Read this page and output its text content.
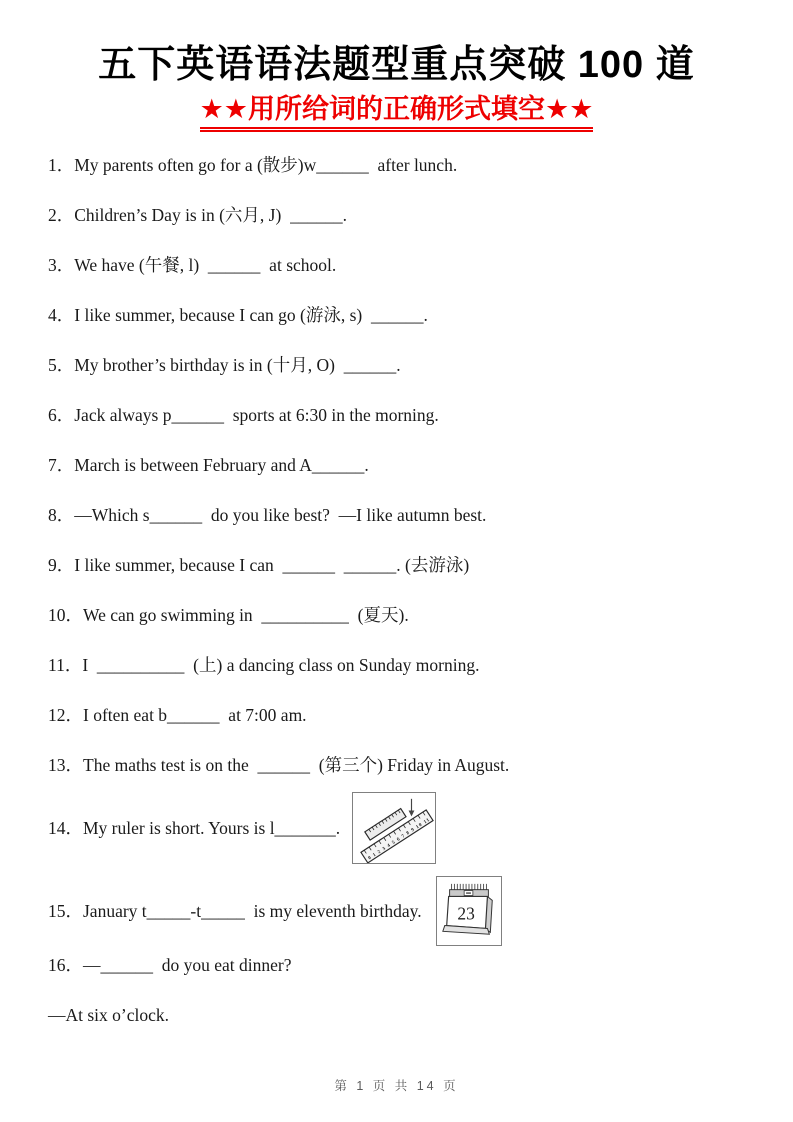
五下英语语法题型重点突破 100 道
★★用所给词的正确形式填空★★
1．My parents often go for a (散步)w______  after lunch.
2．Children’s Day is in (六月, J)  ______.
3．We have (午餐, l)  ______  at school.
4．I like summer, because I can go (游泳, s)  ______.
5．My brother’s birthday is in (十月, O)  ______.
6．Jack always p______  sports at 6:30 in the morning.
7．March is between February and A______.
8．—Which s______  do you like best?  —I like autumn best.
9．I like summer, because I can  ______  ______. (去游泳)
10．We can go swimming in  __________  (夏天).
11．I  __________  (上) a dancing class on Sunday morning.
12．I often eat b______  at 7:00 am.
13．The maths test is on the  ______  (第三个) Friday in August.
14．My ruler is short. Yours is l_______.
0 1 2 3 4 5 6 7 8 9 10 11
15．January t_____-t_____  is my eleventh birthday. 23
16．—______  do you eat dinner?
—At six o’clock.
第 1 页 共 14 页
